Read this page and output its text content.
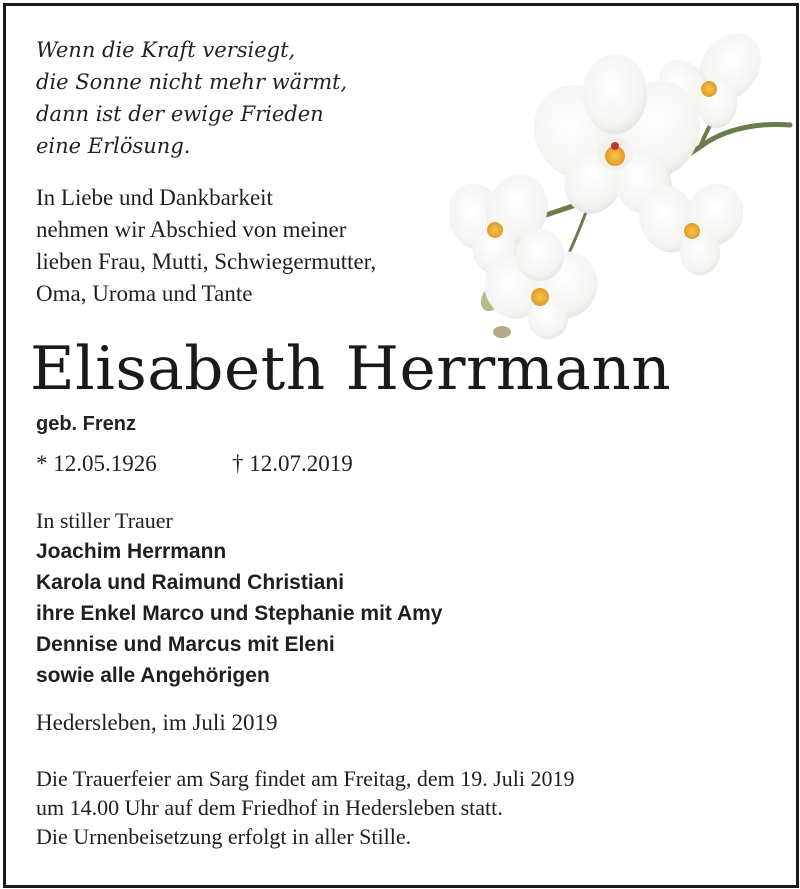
Wenn die Kraft versiegt,
die Sonne nicht mehr wärmt,
dann ist der ewige Frieden
eine Erlösung.
In Liebe und Dankbarkeit
nehmen wir Abschied von meiner
lieben Frau, Mutti, Schwiegermutter,
Oma, Uroma und Tante
Elisabeth Herrmann
geb. Frenz
* 12.05.1926	† 12.07.2019
In stiller Trauer
Joachim Herrmann
Karola und Raimund Christiani
ihre Enkel Marco und Stephanie mit Amy
Dennise und Marcus mit Eleni
sowie alle Angehörigen
Hedersleben, im Juli 2019
Die Trauerfeier am Sarg findet am Freitag, dem 19. Juli 2019
um 14.00 Uhr auf dem Friedhof in Hedersleben statt.
Die Urnenbeisetzung erfolgt in aller Stille.
